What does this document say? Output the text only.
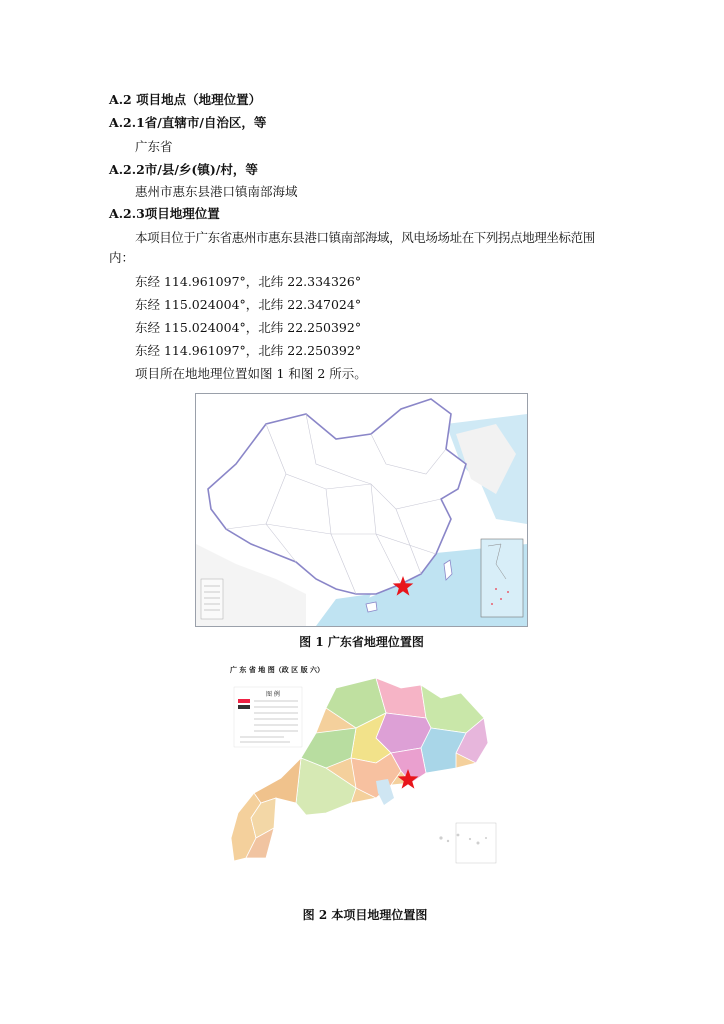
A.2 项目地点（地理位置）
A.2.1省/直辖市/自治区，等
广东省
A.2.2市/县/乡(镇)/村，等
惠州市惠东县港口镇南部海域
A.2.3项目地理位置
本项目位于广东省惠州市惠东县港口镇南部海域，风电场场址在下列拐点地理坐标范围
内：
东经 114.961097°，北纬 22.334326°
东经 115.024004°，北纬 22.347024°
东经 115.024004°，北纬 22.250392°
东经 114.961097°，北纬 22.250392°
项目所在地地理位置如图 1 和图 2 所示。
图 1 广东省地理位置图
广 东 省 地 图（政 区 版 六）
图 例
图 2 本项目地理位置图
